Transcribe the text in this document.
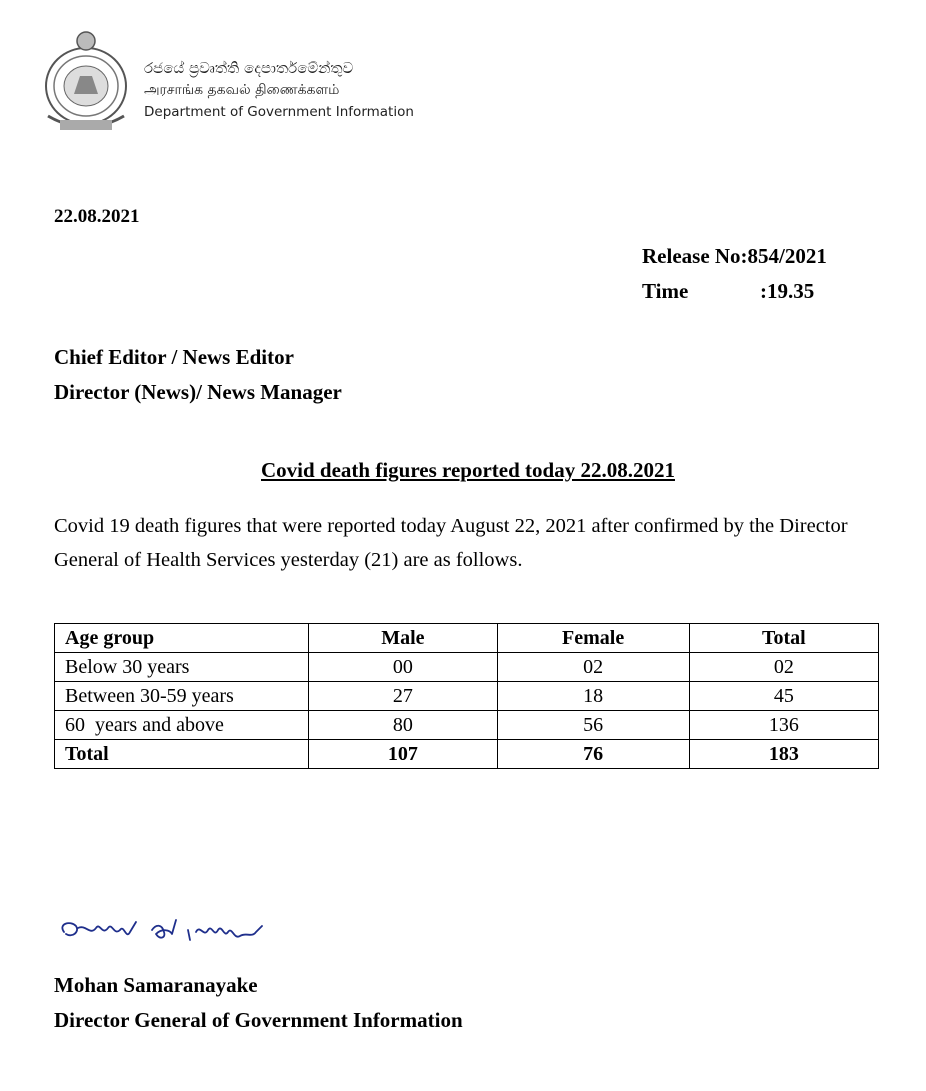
රජයේ ප්‍රවෘත්ති දෙපාර්තමේන්තුව
அரசாங்க தகவல் திணைக்களம்
Department of Government Information
22.08.2021
Release No:854/2021
Time	:19.35
Chief Editor / News Editor
Director (News)/ News Manager
Covid death figures reported today 22.08.2021
Covid 19 death figures that were reported today August 22, 2021 after confirmed by the Director General of Health Services yesterday (21) are as follows.
Age group	Male	Female	Total
Below 30 years	00	02	02
Between 30-59 years	27	18	45
60  years and above	80	56	136
Total	107	76	183
Mohan Samaranayake
Director General of Government Information
